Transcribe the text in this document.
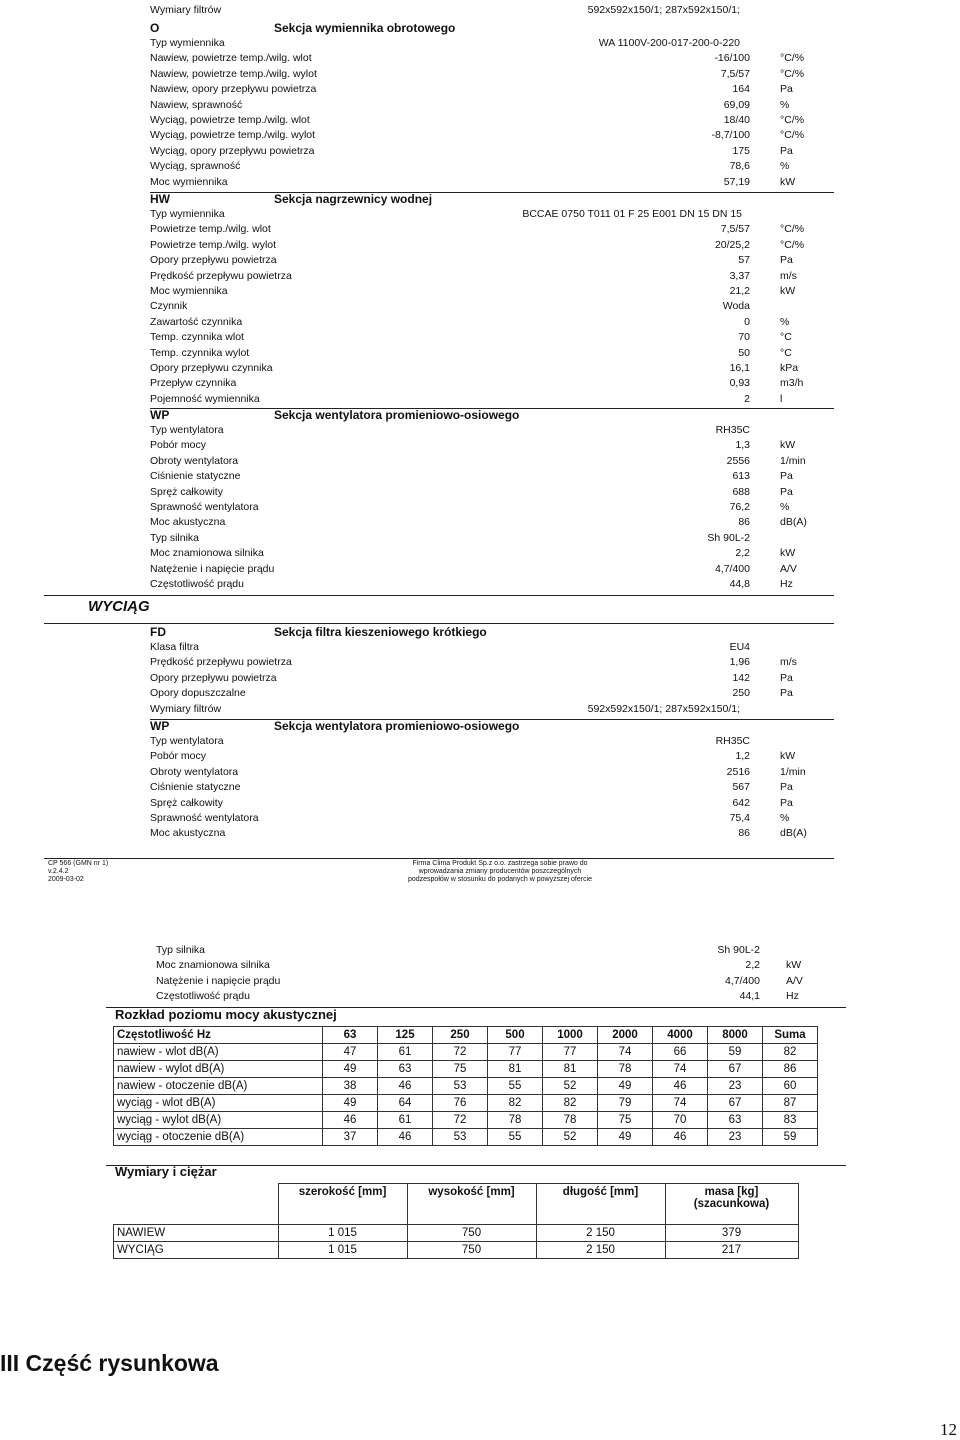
Wymiary filtrów	592x592x150/1; 287x592x150/1;
O	Sekcja wymiennika obrotowego
Typ wymiennika	WA 1100V-200-017-200-0-220
Nawiew, powietrze temp./wilg. wlot	-16/100	°C/%
Nawiew, powietrze temp./wilg. wylot	7,5/57	°C/%
Nawiew, opory przepływu powietrza	164	Pa
Nawiew, sprawność	69,09	%
Wyciąg, powietrze temp./wilg. wlot	18/40	°C/%
Wyciąg, powietrze temp./wilg. wylot	-8,7/100	°C/%
Wyciąg, opory przepływu powietrza	175	Pa
Wyciąg, sprawność	78,6	%
Moc wymiennika	57,19	kW
HW	Sekcja nagrzewnicy wodnej
Typ wymiennika	BCCAE 0750 T011 01 F 25 E001 DN 15 DN 15
Powietrze temp./wilg. wlot	7,5/57	°C/%
Powietrze temp./wilg. wylot	20/25,2	°C/%
Opory przepływu powietrza	57	Pa
Prędkość przepływu powietrza	3,37	m/s
Moc wymiennika	21,2	kW
Czynnik	Woda
Zawartość czynnika	0	%
Temp. czynnika wlot	70	°C
Temp. czynnika wylot	50	°C
Opory przepływu czynnika	16,1	kPa
Przepływ czynnika	0,93	m3/h
Pojemność wymiennika	2	l
WP	Sekcja wentylatora promieniowo-osiowego
Typ wentylatora	RH35C
Pobór mocy	1,3	kW
Obroty wentylatora	2556	1/min
Ciśnienie statyczne	613	Pa
Spręż całkowity	688	Pa
Sprawność wentylatora	76,2	%
Moc akustyczna	86	dB(A)
Typ silnika	Sh 90L-2
Moc znamionowa silnika	2,2	kW
Natężenie i napięcie prądu	4,7/400	A/V
Częstotliwość prądu	44,8	Hz
WYCIĄG
FD	Sekcja filtra kieszeniowego krótkiego
Klasa filtra	EU4
Prędkość przepływu powietrza	1,96	m/s
Opory przepływu powietrza	142	Pa
Opory dopuszczalne	250	Pa
Wymiary filtrów	592x592x150/1; 287x592x150/1;
WP	Sekcja wentylatora promieniowo-osiowego
Typ wentylatora	RH35C
Pobór mocy	1,2	kW
Obroty wentylatora	2516	1/min
Ciśnienie statyczne	567	Pa
Spręż całkowity	642	Pa
Sprawność wentylatora	75,4	%
Moc akustyczna	86	dB(A)
CP 566 (GMN nr 1)
v.2.4.2
2009-03-02
Firma Clima Produkt Sp.z o.o. zastrzega sobie prawo do
wprowadzania zmiany producentów poszczególnych
podzespołów w stosunku do podanych w powyższej ofercie
Typ silnika	Sh 90L-2
Moc znamionowa silnika	2,2 kW
Natężenie i napięcie prądu	4,7/400 A/V
Częstotliwość prądu	44,1 Hz
Rozkład poziomu mocy akustycznej
Częstotliwość Hz	63	125	250	500	1000	2000	4000	8000	Suma
nawiew - wlot dB(A)	47	61	72	77	77	74	66	59	82
nawiew - wylot dB(A)	49	63	75	81	81	78	74	67	86
nawiew - otoczenie dB(A)	38	46	53	55	52	49	46	23	60
wyciąg - wlot dB(A)	49	64	76	82	82	79	74	67	87
wyciąg - wylot dB(A)	46	61	72	78	78	75	70	63	83
wyciąg - otoczenie dB(A)	37	46	53	55	52	49	46	23	59
Wymiary i ciężar
	szerokość [mm]	wysokość [mm]	długość [mm]	masa [kg] (szacunkowa)
NAWIEW	1 015	750	2 150	379
WYCIĄG	1 015	750	2 150	217
III Część rysunkowa
12
